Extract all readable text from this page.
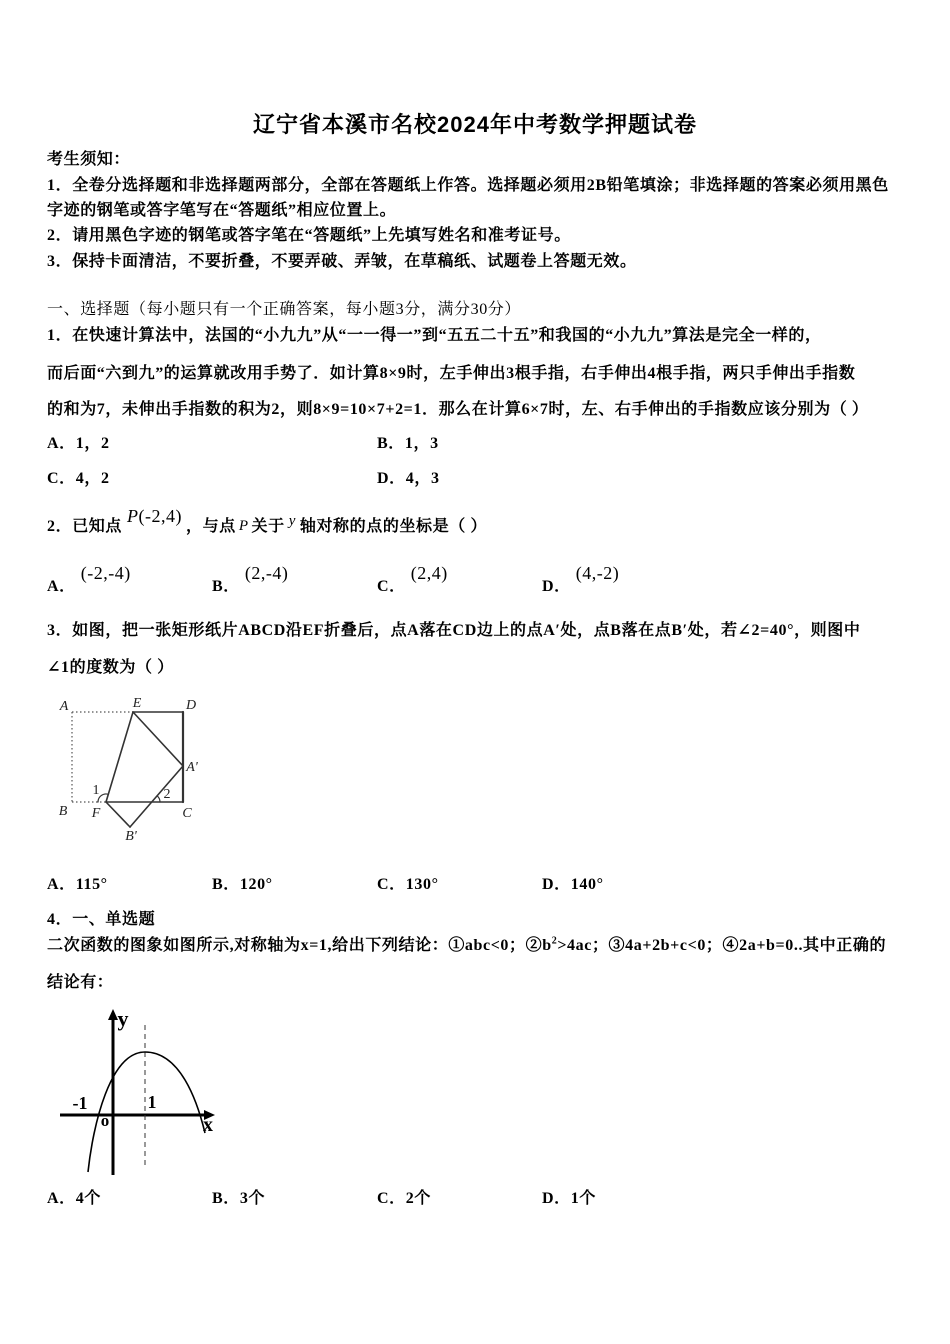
辽宁省本溪市名校2024年中考数学押题试卷
考生须知：
1．全卷分选择题和非选择题两部分，全部在答题纸上作答。选择题必须用2B铅笔填涂；非选择题的答案必须用黑色
字迹的钢笔或答字笔写在“答题纸”相应位置上。
2．请用黑色字迹的钢笔或答字笔在“答题纸”上先填写姓名和准考证号。
3．保持卡面清洁，不要折叠，不要弄破、弄皱，在草稿纸、试题卷上答题无效。
一、选择题（每小题只有一个正确答案，每小题3分，满分30分）
1．在快速计算法中，法国的“小九九”从“一一得一”到“五五二十五”和我国的“小九九”算法是完全一样的，
而后面“六到九”的运算就改用手势了．如计算8×9时，左手伸出3根手指，右手伸出4根手指，两只手伸出手指数
的和为7，未伸出手指数的积为2，则8×9=10×7+2=1．那么在计算6×7时，左、右手伸出的手指数应该分别为（ ）
A．1，2	B．1，3
C．4，2	D．4，3
2．已知点
P(-2,4)
，与点 P 关于 y 轴对称的点的坐标是（ ）
A．
(-2,-4)
B．
(2,-4)
C．
(2,4)
D．
(4,-2)
3．如图，把一张矩形纸片ABCD沿EF折叠后，点A落在CD边上的点A′处，点B落在点B′处，若∠2=40°，则图中
∠1的度数为（ ）
A	E	D
A'
B
1
F
2
C
B'
A．115°	B．120°	C．130°	D．140°
4．一、单选题
二次函数的图象如图所示,对称轴为x=1,给出下列结论：①abc<0；$②b^2>4ac$；③4a+2b+c<0；④2a+b=0..其中正确的
结论有：
y
x
-1
o
1
A．4个	B．3个	C．2个	D．1个
